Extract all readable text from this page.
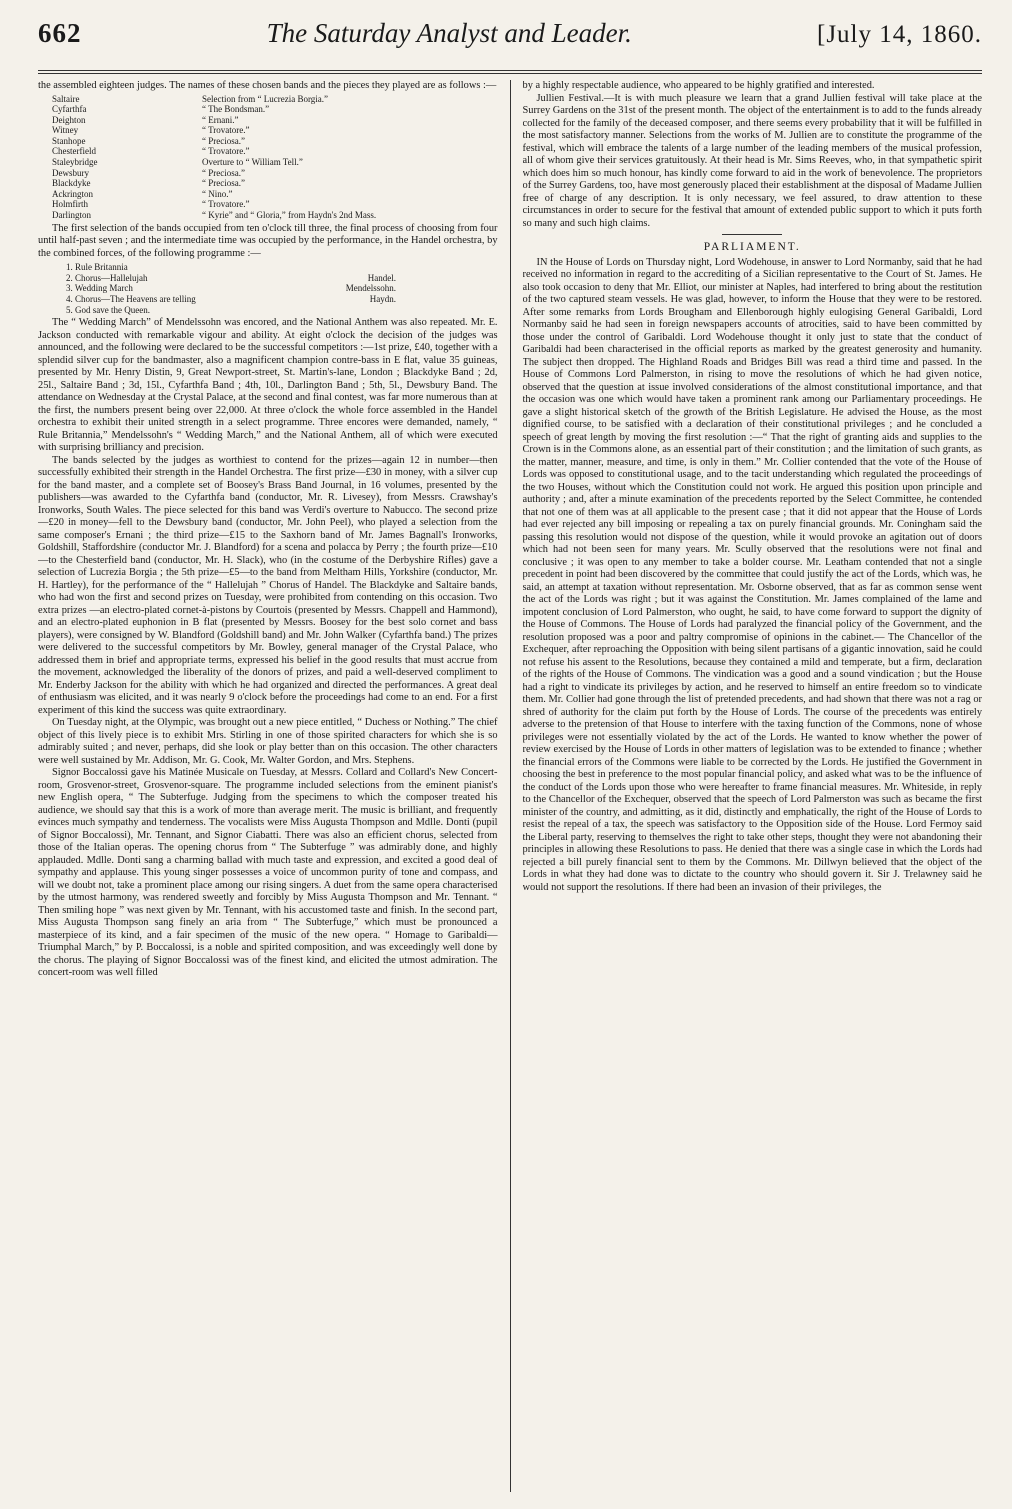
662	The Saturday Analyst and Leader.	[July 14, 1860.

the assembled eighteen judges. The names of these chosen bands and the pieces they played are as follows :—

Saltaire	Selection from “ Lucrezia Borgia.”
Cyfarthfa	“ The Bondsman.”
Deighton	“ Ernani.”
Witney	“ Trovatore.”
Stanhope	“ Preciosa.”
Chesterfield	“ Trovatore.”
Staleybridge	Overture to “ William Tell.”
Dewsbury	“ Preciosa.”
Blackdyke	“ Preciosa.”
Ackrington	“ Nino.”
Holmfirth	“ Trovatore.”
Darlington	“ Kyrie” and “ Gloria,” from Haydn's 2nd Mass.

The first selection of the bands occupied from ten o'clock till three, the final process of choosing from four until half-past seven ; and the intermediate time was occupied by the performance, in the Handel orchestra, by the combined forces, of the following programme :—

1. Rule Britannia
2. Chorus—Hallelujah	Handel.
3. Wedding March	Mendelssohn.
4. Chorus—The Heavens are telling	Haydn.
5. God save the Queen.

The “ Wedding March” of Mendelssohn was encored, and the National Anthem was also repeated. Mr. E. Jackson conducted with remarkable vigour and ability. At eight o'clock the decision of the judges was announced, and the following were declared to be the successful competitors :—1st prize, £40, together with a splendid silver cup for the bandmaster, also a magnificent champion contre-bass in E flat, value 35 guineas, presented by Mr. Henry Distin, 9, Great Newport-street, St. Martin's-lane, London ; Blackdyke Band ; 2d, 25l., Saltaire Band ; 3d, 15l., Cyfarthfa Band ; 4th, 10l., Darlington Band ; 5th, 5l., Dewsbury Band. The attendance on Wednesday at the Crystal Palace, at the second and final contest, was far more numerous than at the first, the numbers present being over 22,000. At three o'clock the whole force assembled in the Handel orchestra to exhibit their united strength in a select programme. Three encores were demanded, namely, “ Rule Britannia,” Mendelssohn's “ Wedding March,” and the National Anthem, all of which were executed with surprising brilliancy and precision.

The bands selected by the judges as worthiest to contend for the prizes—again 12 in number—then successfully exhibited their strength in the Handel Orchestra. The first prize—£30 in money, with a silver cup for the band master, and a complete set of Boosey's Brass Band Journal, in 16 volumes, presented by the publishers—was awarded to the Cyfarthfa band (conductor, Mr. R. Livesey), from Messrs. Crawshay's Ironworks, South Wales. The piece selected for this band was Verdi's overture to Nabucco. The second prize—£20 in money—fell to the Dewsbury band (conductor, Mr. John Peel), who played a selection from the same composer's Ernani ; the third prize—£15 to the Saxhorn band of Mr. James Bagnall's Ironworks, Goldshill, Staffordshire (conductor Mr. J. Blandford) for a scena and polacca by Perry ; the fourth prize—£10—to the Chesterfield band (conductor, Mr. H. Slack), who (in the costume of the Derbyshire Rifles) gave a selection of Lucrezia Borgia ; the 5th prize—£5—to the band from Meltham Hills, Yorkshire (conductor, Mr. H. Hartley), for the performance of the “ Hallelujah ” Chorus of Handel. The Blackdyke and Saltaire bands, who had won the first and second prizes on Tuesday, were prohibited from contending on this occasion. Two extra prizes —an electro-plated cornet-à-pistons by Courtois (presented by Messrs. Chappell and Hammond), and an electro-plated euphonion in B flat (presented by Messrs. Boosey for the best solo cornet and bass players), were consigned by W. Blandford (Goldshill band) and Mr. John Walker (Cyfarthfa band.) The prizes were delivered to the successful competitors by Mr. Bowley, general manager of the Crystal Palace, who addressed them in brief and appropriate terms, expressed his belief in the good results that must accrue from the movement, acknowledged the liberality of the donors of prizes, and paid a well-deserved compliment to Mr. Enderby Jackson for the ability with which he had organized and directed the performances. A great deal of enthusiasm was elicited, and it was nearly 9 o'clock before the proceedings had come to an end. For a first experiment of this kind the success was quite extraordinary.

On Tuesday night, at the Olympic, was brought out a new piece entitled, “ Duchess or Nothing.” The chief object of this lively piece is to exhibit Mrs. Stirling in one of those spirited characters for which she is so admirably suited ; and never, perhaps, did she look or play better than on this occasion. The other characters were well sustained by Mr. Addison, Mr. G. Cook, Mr. Walter Gordon, and Mrs. Stephens.

Signor Boccalossi gave his Matinée Musicale on Tuesday, at Messrs. Collard and Collard's New Concert-room, Grosvenor-street, Grosvenor-square. The programme included selections from the eminent pianist's new English opera, “ The Subterfuge. Judging from the specimens to which the composer treated his audience, we should say that this is a work of more than average merit. The music is brilliant, and frequently evinces much sympathy and tenderness. The vocalists were Miss Augusta Thompson and Mdlle. Donti (pupil of Signor Boccalossi), Mr. Tennant, and Signor Ciabatti. There was also an efficient chorus, selected from those of the Italian operas. The opening chorus from “ The Subterfuge ” was admirably done, and highly applauded. Mdlle. Donti sang a charming ballad with much taste and expression, and excited a good deal of sympathy and applause. This young singer possesses a voice of uncommon purity of tone and compass, and will we doubt not, take a prominent place among our rising singers. A duet from the same opera characterised by the utmost harmony, was rendered sweetly and forcibly by Miss Augusta Thompson and Mr. Tennant. “ Then smiling hope ” was next given by Mr. Tennant, with his accustomed taste and finish. In the second part, Miss Augusta Thompson sang finely an aria from “ The Subterfuge,” which must be pronounced a masterpiece of its kind, and a fair specimen of the music of the new opera. “ Homage to Garibaldi—Triumphal March,” by P. Boccalossi, is a noble and spirited composition, and was exceedingly well done by the chorus. The playing of Signor Boccalossi was of the finest kind, and elicited the utmost admiration. The concert-room was well filled

by a highly respectable audience, who appeared to be highly gratified and interested.

Jullien Festival.—It is with much pleasure we learn that a grand Jullien festival will take place at the Surrey Gardens on the 31st of the present month. The object of the entertainment is to add to the funds already collected for the family of the deceased composer, and there seems every probability that it will be fulfilled in the most satisfactory manner. Selections from the works of M. Jullien are to constitute the programme of the festival, which will embrace the talents of a large number of the leading members of the musical profession, all of whom give their services gratuitously. At their head is Mr. Sims Reeves, who, in that sympathetic spirit which does him so much honour, has kindly come forward to aid in the work of benevolence. The proprietors of the Surrey Gardens, too, have most generously placed their establishment at the disposal of Madame Jullien free of charge of any description. It is only necessary, we feel assured, to draw attention to these circumstances in order to secure for the festival that amount of extended public support to which it puts forth so many and such high claims.

PARLIAMENT.

IN the House of Lords on Thursday night, Lord Wodehouse, in answer to Lord Normanby, said that he had received no information in regard to the accrediting of a Sicilian representative to the Court of St. James. He also took occasion to deny that Mr. Elliot, our minister at Naples, had interfered to bring about the restitution of the two captured steam vessels. He was glad, however, to inform the House that they were to be restored. After some remarks from Lords Brougham and Ellenborough highly eulogising General Garibaldi, Lord Normanby said he had seen in foreign newspapers accounts of atrocities, said to have been committed by those under the control of Garibaldi. Lord Wodehouse thought it only just to state that the conduct of Garibaldi had been characterised in the official reports as marked by the greatest generosity and humanity. The subject then dropped. The Highland Roads and Bridges Bill was read a third time and passed. In the House of Commons Lord Palmerston, in rising to move the resolutions of which he had given notice, observed that the question at issue involved considerations of the almost constitutional importance, and that the occasion was one which would have taken a prominent rank among our Parliamentary proceedings. He gave a slight historical sketch of the growth of the British Legislature. He advised the House, as the most dignified course, to be satisfied with a declaration of their constitutional privileges ; and he concluded a speech of great length by moving the first resolution :—“ That the right of granting aids and supplies to the Crown is in the Commons alone, as an essential part of their constitution ; and the limitation of such grants, as the matter, manner, measure, and time, is only in them.” Mr. Collier contended that the vote of the House of Lords was opposed to constitutional usage, and to the tacit understanding which regulated the proceedings of the two Houses, without which the Constitution could not work. He argued this position upon principle and authority ; and, after a minute examination of the precedents reported by the Select Committee, he contended that not one of them was at all applicable to the present case ; that it did not appear that the House of Lords had ever rejected any bill imposing or repealing a tax on purely financial grounds. Mr. Coningham said the passing this resolution would not dispose of the question, while it would provoke an agitation out of doors which had not been seen for many years. Mr. Scully observed that the resolutions were not final and conclusive ; it was open to any member to take a bolder course. Mr. Leatham contended that not a single precedent in point had been discovered by the committee that could justify the act of the Lords, which was, he said, an attempt at taxation without representation. Mr. Osborne observed, that as far as common sense went the act of the Lords was right ; but it was against the Constitution. Mr. James complained of the lame and impotent conclusion of Lord Palmerston, who ought, he said, to have come forward to support the dignity of the House of Commons. The House of Lords had paralyzed the financial policy of the Government, and the resolution proposed was a poor and paltry compromise of opinions in the cabinet.— The Chancellor of the Exchequer, after reproaching the Opposition with being silent partisans of a gigantic innovation, said he could not refuse his assent to the Resolutions, because they contained a mild and temperate, but a firm, declaration of the rights of the House of Commons. The vindication was a good and a sound vindication ; but the House had a right to vindicate its privileges by action, and he reserved to himself an entire freedom so to vindicate them. Mr. Collier had gone through the list of pretended precedents, and had shown that there was not a rag or shred of authority for the claim put forth by the House of Lords. The course of the precedents was entirely adverse to the pretension of that House to interfere with the taxing function of the Commons, none of whose privileges were not essentially violated by the act of the Lords. He wanted to know whether the power of review exercised by the House of Lords in other matters of legislation was to be extended to finance ; whether the financial errors of the Commons were liable to be corrected by the Lords. He justified the Government in choosing the best in preference to the most popular financial policy, and asked what was to be the influence of the conduct of the Lords upon those who were hereafter to frame financial measures. Mr. Whiteside, in reply to the Chancellor of the Exchequer, observed that the speech of Lord Palmerston was such as became the first minister of the country, and admitting, as it did, distinctly and emphatically, the right of the House of Lords to resist the repeal of a tax, the speech was satisfactory to the Opposition side of the House. Lord Fermoy said the Liberal party, reserving to themselves the right to take other steps, thought they were not abandoning their principles in allowing these Resolutions to pass. He denied that there was a single case in which the Lords had rejected a bill purely financial sent to them by the Commons. Mr. Dillwyn believed that the object of the Lords in what they had done was to dictate to the country who should govern it. Sir J. Trelawney said he would not support the resolutions. If there had been an invasion of their privileges, the
